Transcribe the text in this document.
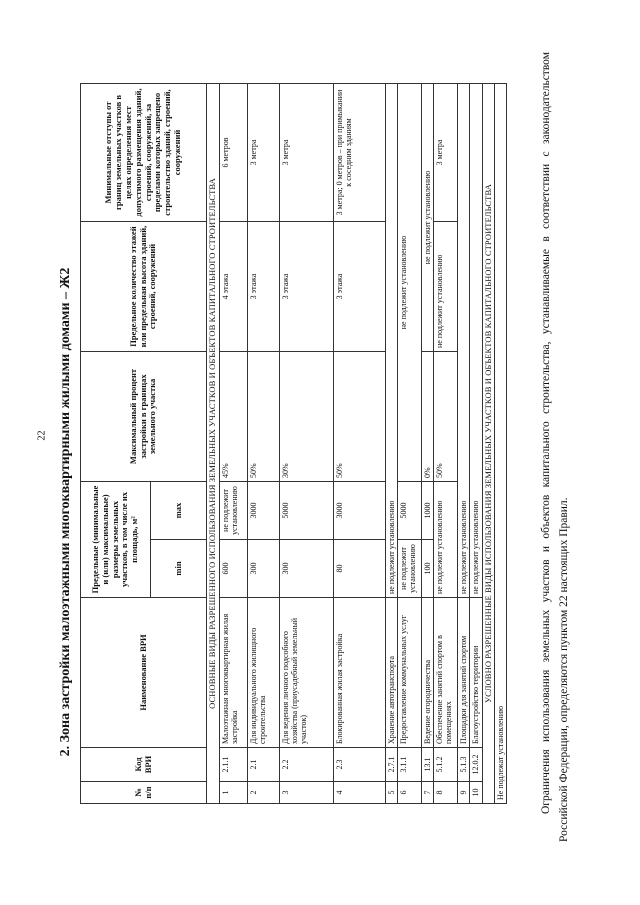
22 2. Зона застройки малоэтажными многоквартирными жилыми домами – Ж2
№ п/п	Код ВРИ	Наименование ВРИ	Предельные (минимальные и (или) максимальные) размеры земельных участков, в том числе их площадь, м²		Максимальный процент застройки в границах земельного участка	Предельное количество этажей или предельная высота зданий, строений, сооружений	Минимальные отступы от границ земельных участков в целях определения мест допустимого размещения зданий, строений, сооружений, за пределами которых запрещено строительство зданий, строений, сооружений
			min	max			
ОСНОВНЫЕ ВИДЫ РАЗРЕШЕННОГО ИСПОЛЬЗОВАНИЯ ЗЕМЕЛЬНЫХ УЧАСТКОВ И ОБЪЕКТОВ КАПИТАЛЬНОГО СТРОИТЕЛЬСТВА							
1	2.1.1	Малоэтажная многоквартирная жилая застройка	600	не подлежит установлению	45%	4 этажа	6 метров
2	2.1	Для индивидуального жилищного строительства	300	3000	50%	3 этажа	3 метра
3	2.2	Для ведения личного подсобного хозяйства (приусадебный земельный участок)	300	5000	30%	3 этажа	3 метра
4	2.3	Блокированная жилая застройка	80	3000	50%	3 этажа	3 метра; 0 метров – при примыкании к соседним зданиям
5	2.7.1	Хранение автотранспорта	не подлежит установлению				
6	3.1.1	Предоставление коммунальных услуг	не подлежит установлению	5000	не подлежит установлению		
7	13.1	Ведение огородничества	100	1000	0%	не подлежит установлению	
8	5.1.2	Обеспечение занятий спортом в помещениях	не подлежит установлению		50%	не подлежит установлению	3 метра
9	5.1.3	Площадки для занятий спортом	не подлежит установлению				
10	12.0.2	Благоустройство территории	не подлежит установлению				
УСЛОВНО РАЗРЕШЕННЫЕ ВИДЫ ИСПОЛЬЗОВАНИЯ ЗЕМЕЛЬНЫХ УЧАСТКОВ И ОБЪЕКТОВ КАПИТАЛЬНОГО СТРОИТЕЛЬСТВА							
Не подлежат установлению								Ограничения использования земельных участков и объектов капитального строительства, устанавливаемые в соответствии с законодательством Российской Федерации, определяются пунктом 22 настоящих Правил.
